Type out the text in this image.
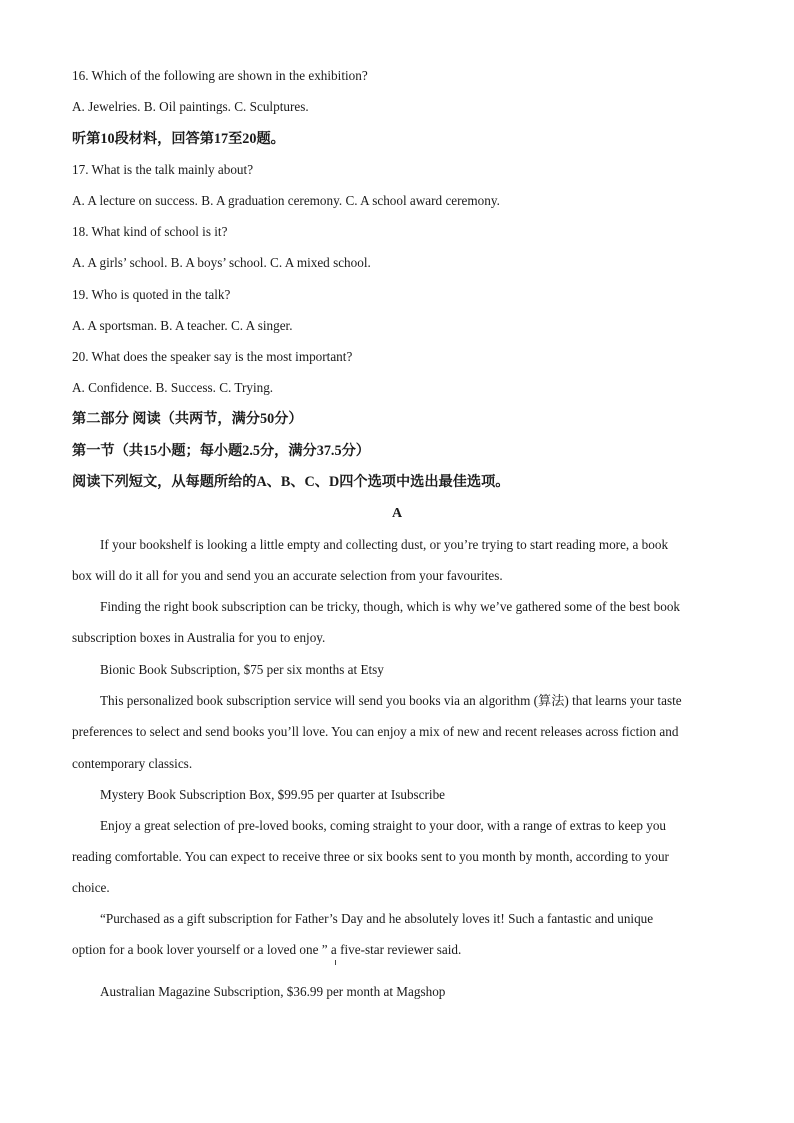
16. Which of the following are shown in the exhibition?
A. Jewelries. B. Oil paintings. C. Sculptures.
听第10段材料，回答第17至20题。
17. What is the talk mainly about?
A. A lecture on success. B. A graduation ceremony. C. A school award ceremony.
18. What kind of school is it?
A. A girls’ school. B. A boys’ school. C. A mixed school.
19. Who is quoted in the talk?
A. A sportsman. B. A teacher. C. A singer.
20. What does the speaker say is the most important?
A. Confidence. B. Success. C. Trying.
第二部分 阅读（共两节，满分50分）
第一节（共15小题；每小题2.5分，满分37.5分）
阅读下列短文，从每题所给的A、B、C、D四个选项中选出最佳选项。
A
If your bookshelf is looking a little empty and collecting dust, or you’re trying to start reading more, a book
box will do it all for you and send you an accurate selection from your favourites.
Finding the right book subscription can be tricky, though, which is why we’ve gathered some of the best book
subscription boxes in Australia for you to enjoy.
Bionic Book Subscription, $75 per six months at Etsy
This personalized book subscription service will send you books via an algorithm (算法) that learns your taste
preferences to select and send books you’ll love. You can enjoy a mix of new and recent releases across fiction and
contemporary classics.
Mystery Book Subscription Box, $99.95 per quarter at Isubscribe
Enjoy a great selection of pre-loved books, coming straight to your door, with a range of extras to keep you
reading comfortable. You can expect to receive three or six books sent to you month by month, according to your
choice.
“Purchased as a gift subscription for Father’s Day and he absolutely loves it! Such a fantastic and unique
option for a book lover yourself or a loved one ” a five-star reviewer said.
Australian Magazine Subscription, $36.99 per month at Magshop
